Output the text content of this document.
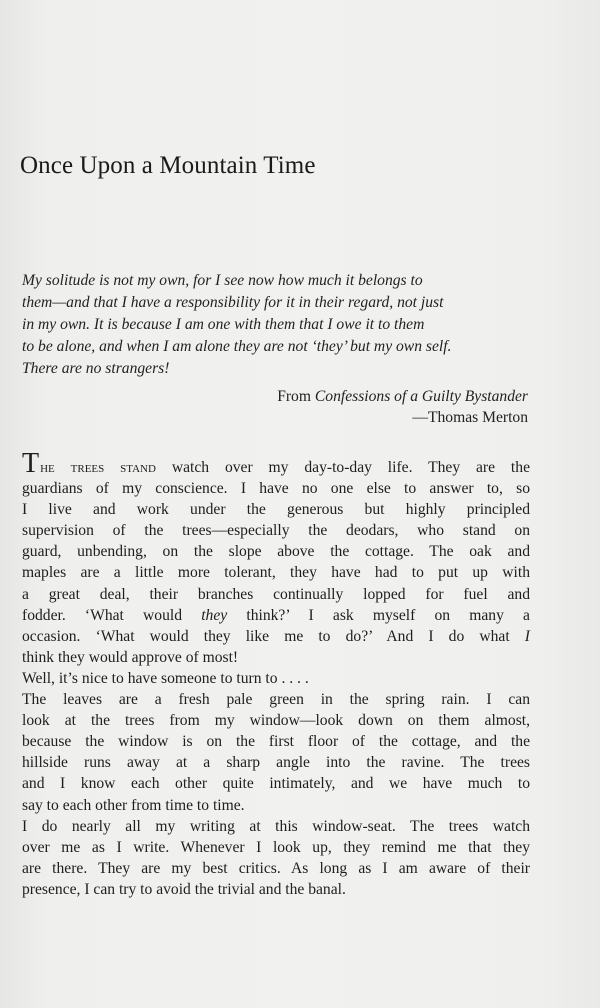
Once Upon a Mountain Time
My solitude is not my own, for I see now how much it belongs to
them—and that I have a responsibility for it in their regard, not just
in my own. It is because I am one with them that I owe it to them
to be alone, and when I am alone they are not ‘they’ but my own self.
There are no strangers!
From Confessions of a Guilty Bystander
—Thomas Merton
The trees stand watch over my day-to-day life. They are the
guardians of my conscience. I have no one else to answer to, so
I live and work under the generous but highly principled
supervision of the trees—especially the deodars, who stand on
guard, unbending, on the slope above the cottage. The oak and
maples are a little more tolerant, they have had to put up with
a great deal, their branches continually lopped for fuel and
fodder. ‘What would they think?’ I ask myself on many a
occasion. ‘What would they like me to do?’ And I do what I
think they would approve of most!
Well, it’s nice to have someone to turn to . . . .
The leaves are a fresh pale green in the spring rain. I can
look at the trees from my window—look down on them almost,
because the window is on the first floor of the cottage, and the
hillside runs away at a sharp angle into the ravine. The trees
and I know each other quite intimately, and we have much to
say to each other from time to time.
I do nearly all my writing at this window-seat. The trees watch
over me as I write. Whenever I look up, they remind me that they
are there. They are my best critics. As long as I am aware of their
presence, I can try to avoid the trivial and the banal.
